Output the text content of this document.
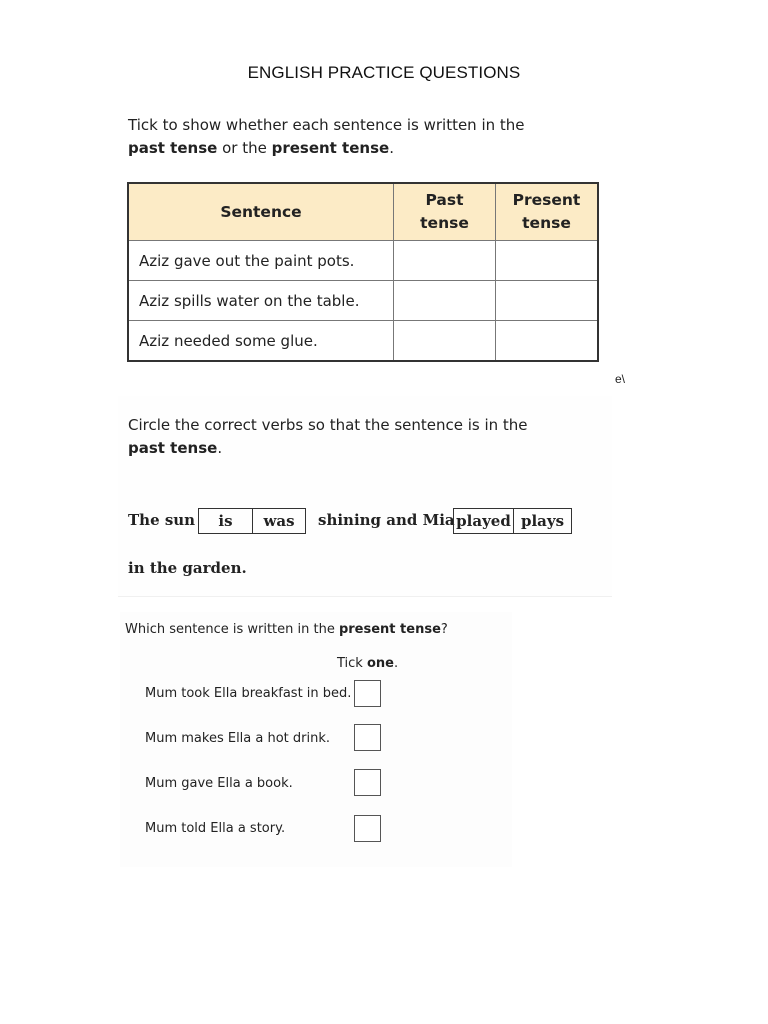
ENGLISH PRACTICE QUESTIONS
Tick to show whether each sentence is written in the
past tense or the present tense.
Sentence	Past tense	Present tense
Aziz gave out the paint pots.		
Aziz spills water on the table.		
Aziz needed some glue.		
e\
Circle the correct verbs so that the sentence is in the
past tense.
The sun	is	was	shining and Mia played plays
in the garden.
Which sentence is written in the present tense?
Tick one.
Mum took Ella breakfast in bed.
Mum makes Ella a hot drink.
Mum gave Ella a book.
Mum told Ella a story.
